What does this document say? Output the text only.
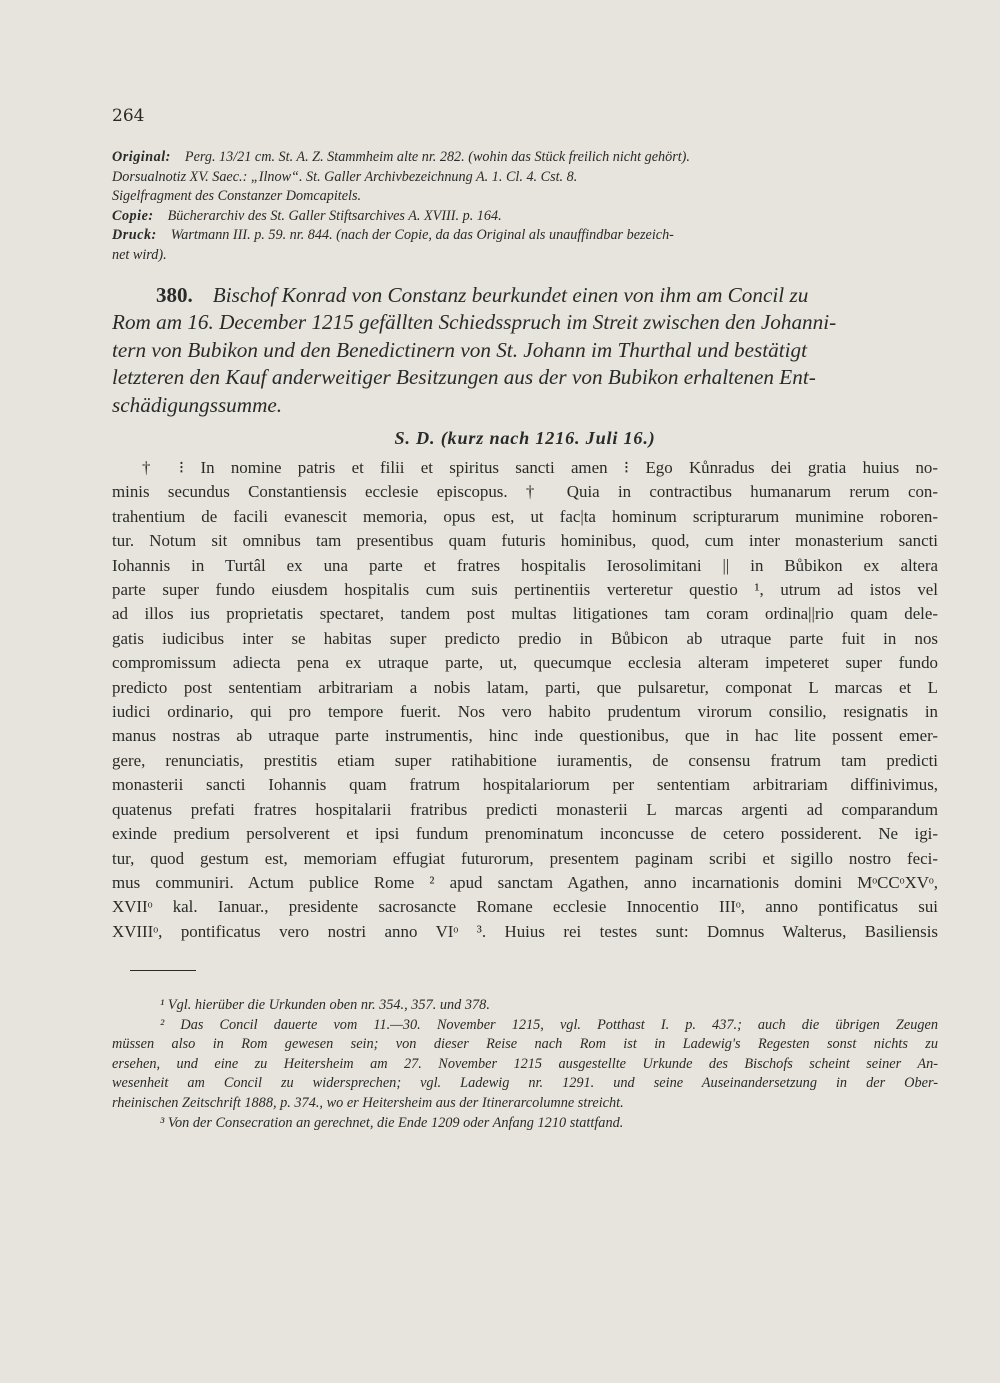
264
Original: Perg. 13/21 cm. St. A. Z. Stammheim alte nr. 282. (wohin das Stück freilich nicht gehört).
Dorsualnotiz XV. Saec.: „Ilnow“. St. Galler Archivbezeichnung A. 1. Cl. 4. Cst. 8.
Sigelfragment des Constanzer Domcapitels.
Copie: Bücherarchiv des St. Galler Stiftsarchives A. XVIII. p. 164.
Druck: Wartmann III. p. 59. nr. 844. (nach der Copie, da das Original als unauffindbar bezeich-
net wird).
380. Bischof Konrad von Constanz beurkundet einen von ihm am Concil zu
Rom am 16. December 1215 gefällten Schiedsspruch im Streit zwischen den Johanni-
tern von Bubikon und den Benedictinern von St. Johann im Thurthal und bestätigt
letzteren den Kauf anderweitiger Besitzungen aus der von Bubikon erhaltenen Ent-
schädigungssumme.
S. D. (kurz nach 1216. Juli 16.)
† ⁝ In nomine patris et filii et spiritus sancti amen ⁝ Ego Kůnradus dei gratia huius no-
minis secundus Constantiensis ecclesie episcopus. † Quia in contractibus humanarum rerum con-
trahentium de facili evanescit memoria, opus est, ut fac|ta hominum scripturarum munimine roboren-
tur. Notum sit omnibus tam presentibus quam futuris hominibus, quod, cum inter monasterium sancti
Iohannis in Turtâl ex una parte et fratres hospitalis Ierosolimitani || in Bůbikon ex altera
parte super fundo eiusdem hospitalis cum suis pertinentiis verteretur questio ¹, utrum ad istos vel
ad illos ius proprietatis spectaret, tandem post multas litigationes tam coram ordina||rio quam dele-
gatis iudicibus inter se habitas super predicto predio in Bůbicon ab utraque parte fuit in nos
compromissum adiecta pena ex utraque parte, ut, quecumque ecclesia alteram impeteret super fundo
predicto post sententiam arbitrariam a nobis latam, parti, que pulsaretur, componat L marcas et L
iudici ordinario, qui pro tempore fuerit. Nos vero habito prudentum virorum consilio, resignatis in
manus nostras ab utraque parte instrumentis, hinc inde questionibus, que in hac lite possent emer-
gere, renunciatis, prestitis etiam super ratihabitione iuramentis, de consensu fratrum tam predicti
monasterii sancti Iohannis quam fratrum hospitalariorum per sententiam arbitrariam diffinivimus,
quatenus prefati fratres hospitalarii fratribus predicti monasterii L marcas argenti ad comparandum
exinde predium persolverent et ipsi fundum prenominatum inconcusse de cetero possiderent. Ne igi-
tur, quod gestum est, memoriam effugiat futurorum, presentem paginam scribi et sigillo nostro feci-
mus communiri. Actum publice Rome ² apud sanctam Agathen, anno incarnationis domini MᵒCCᵒXVᵒ,
XVIIᵒ kal. Ianuar., presidente sacrosancte Romane ecclesie Innocentio IIIᵒ, anno pontificatus sui
XVIIIᵒ, pontificatus vero nostri anno VIᵒ ³. Huius rei testes sunt: Domnus Walterus, Basiliensis
¹ Vgl. hierüber die Urkunden oben nr. 354., 357. und 378.
² Das Concil dauerte vom 11.—30. November 1215, vgl. Potthast I. p. 437.; auch die übrigen Zeugen
müssen also in Rom gewesen sein; von dieser Reise nach Rom ist in Ladewig's Regesten sonst nichts zu
ersehen, und eine zu Heitersheim am 27. November 1215 ausgestellte Urkunde des Bischofs scheint seiner An-
wesenheit am Concil zu widersprechen; vgl. Ladewig nr. 1291. und seine Auseinandersetzung in der Ober-
rheinischen Zeitschrift 1888, p. 374., wo er Heitersheim aus der Itinerarcolumne streicht.
³ Von der Consecration an gerechnet, die Ende 1209 oder Anfang 1210 stattfand.
